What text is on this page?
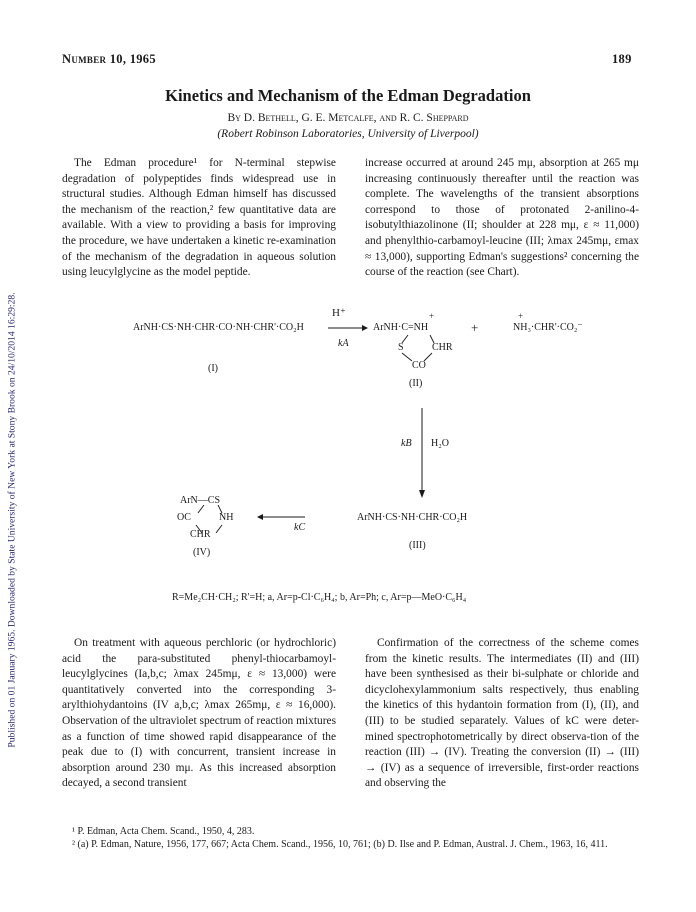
Published on 01 January 1965. Downloaded by State University of New York at Stony Brook on 24/10/2014 16:29:28.
Number 10, 1965	189
Kinetics and Mechanism of the Edman Degradation
By D. Bethell, G. E. Metcalfe, and R. C. Sheppard
(Robert Robinson Laboratories, University of Liverpool)

The Edman procedure¹ for N-terminal stepwise degradation of polypeptides finds widespread use in structural studies. Although Edman himself has discussed the mechanism of the reaction,² few quantitative data are available. With a view to providing a basis for improving the procedure, we have undertaken a kinetic re-examination of the mechanism of the degradation in aqueous solution using leucylglycine as the model peptide.

increase occurred at around 245 mμ, absorption at 265 mμ increasing continuously thereafter until the reaction was complete. The wavelengths of the transient absorptions correspond to those of protonated 2-anilino-4-isobutylthiazolinone (II; shoulder at 228 mμ, ε ≈ 11,000) and phenylthio-carbamoyl-leucine (III; λmax 245mμ, εmax ≈ 13,000), supporting Edman's suggestions² concerning the course of the reaction (see Chart).

ArNH·CS·NH·CHR·CO·NH·CHR'·CO₂H
(I)
H⁺
kA
ArNH·C=NH
+
S	CHR
CO
(II)
+	NH₃·CHR'·CO₂⁻
+
kB H₂O
ArNH·CS·NH·CHR·CO₂H
(III)
kC
ArN—CS
OC	NH
CHR
(IV)
R=Me₂CH·CH₂; R'=H; a, Ar=p-Cl·C₆H₄; b, Ar=Ph; c, Ar=p—MeO·C₆H₄

On treatment with aqueous perchloric (or hydrochloric) acid the para-substituted phenyl-thiocarbamoyl-leucylglycines (Ia,b,c; λmax 245mμ, ε ≈ 13,000) were quantitatively converted into the corresponding 3-arylthiohydantoins (IV a,b,c; λmax 265mμ, ε ≈ 16,000). Observation of the ultraviolet spectrum of reaction mixtures as a function of time showed rapid disappearance of the peak due to (I) with concurrent, transient increase in absorption around 230 mμ. As this increased absorption decayed, a second transient

Confirmation of the correctness of the scheme comes from the kinetic results. The intermediates (II) and (III) have been synthesised as their bi-sulphate or chloride and dicyclohexylammonium salts respectively, thus enabling the kinetics of this hydantoin formation from (I), (II), and (III) to be studied separately. Values of kC were deter-mined spectrophotometrically by direct observa-tion of the reaction (III) → (IV). Treating the conversion (II) → (III) → (IV) as a sequence of irreversible, first-order reactions and observing the

¹ P. Edman, Acta Chem. Scand., 1950, 4, 283.
² (a) P. Edman, Nature, 1956, 177, 667; Acta Chem. Scand., 1956, 10, 761; (b) D. Ilse and P. Edman, Austral. J. Chem., 1963, 16, 411.
